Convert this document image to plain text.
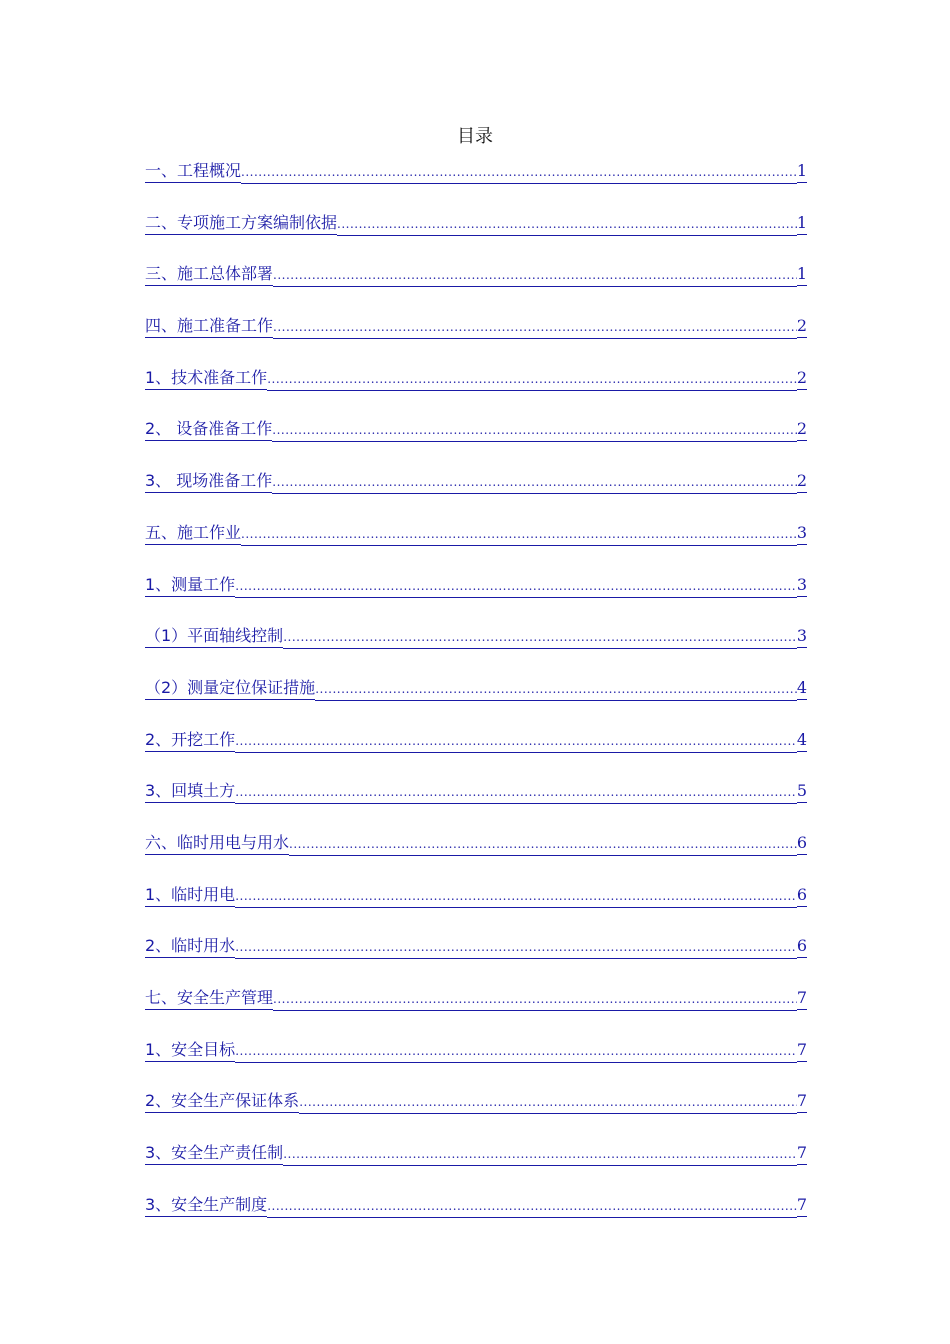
目录
一、工程概况 .....	1
二、专项施工方案编制依据 .....	1
三、施工总体部署 .....	1
四、施工准备工作 .....	2
1、技术准备工作 .....	2
2、 设备准备工作 .....	2
3、 现场准备工作 .....	2
五、施工作业 .....	3
1、测量工作 .....	3
（1）平面轴线控制 .....	3
（2）测量定位保证措施 .....	4
2、开挖工作 .....	4
3、回填土方 .....	5
六、临时用电与用水 .....	6
1、临时用电 .....	6
2、临时用水 .....	6
七、安全生产管理 .....	7
1、安全目标 .....	7
2、安全生产保证体系 .....	7
3、安全生产责任制 .....	7
3、安全生产制度 .....	7
